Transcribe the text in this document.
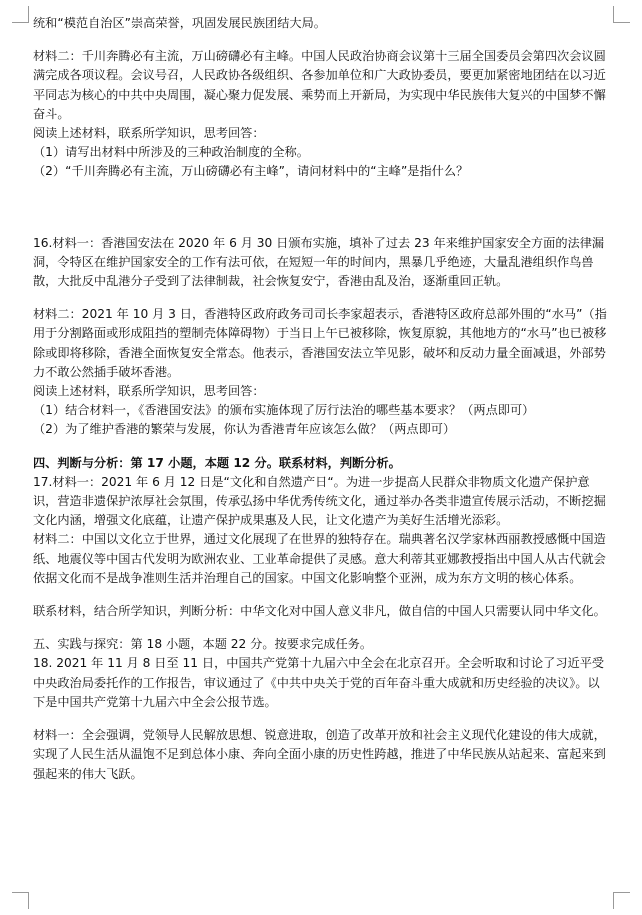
统和“模范自治区”崇高荣誉，巩固发展民族团结大局。

材料二：千川奔腾必有主流，万山磅礴必有主峰。中国人民政治协商会议第十三届全国委员会第四次会议圆满完成各项议程。会议号召，人民政协各级组织、各参加单位和广大政协委员，要更加紧密地团结在以习近平同志为核心的中共中央周围，凝心聚力促发展、乘势而上开新局，为实现中华民族伟大复兴的中国梦不懈奋斗。

阅读上述材料，联系所学知识，思考回答：

（1）请写出材料中所涉及的三种政治制度的全称。

（2）“千川奔腾必有主流，万山磅礴必有主峰”，请问材料中的“主峰”是指什么？

16.材料一：香港国安法在 2020 年 6 月 30 日颁布实施，填补了过去 23 年来维护国家安全方面的法律漏洞，令特区在维护国家安全的工作有法可依，在短短一年的时间内，黑暴几乎绝迹，大量乱港组织作鸟兽散，大批反中乱港分子受到了法律制裁，社会恢复安宁，香港由乱及治，逐渐重回正轨。

材料二：2021 年 10 月 3 日，香港特区政府政务司司长李家超表示，香港特区政府总部外围的“水马”（指用于分割路面或形成阻挡的塑制壳体障碍物）于当日上午已被移除，恢复原貌，其他地方的“水马”也已被移除或即将移除，香港全面恢复安全常态。他表示，香港国安法立竿见影，破坏和反动力量全面减退，外部势力不敢公然插手破坏香港。

阅读上述材料，联系所学知识，思考回答：

（1）结合材料一，《香港国安法》的颁布实施体现了厉行法治的哪些基本要求？（两点即可）

（2）为了维护香港的繁荣与发展，你认为香港青年应该怎么做？（两点即可）

四、判断与分析：第 17 小题，本题 12 分。联系材料，判断分析。

17.材料一：2021 年 6 月 12 日是“文化和自然遗产日“。为进一步提高人民群众非物质文化遗产保护意识，营造非遗保护浓厚社会氛围，传承弘扬中华优秀传统文化，通过举办各类非遗宣传展示活动，不断挖掘文化内涵，增强文化底蕴，让遗产保护成果惠及人民，让文化遗产为美好生活增光添彩。

材料二：中国以文化立于世界，通过文化展现了在世界的独特存在。瑞典著名汉学家林西丽教授感慨中国造纸、地震仪等中国古代发明为欧洲农业、工业革命提供了灵感。意大利蒂其亚娜教授指出中国人从古代就会依据文化而不是战争准则生活并治理自己的国家。中国文化影响整个亚洲，成为东方文明的核心体系。

联系材料，结合所学知识，判断分析：中华文化对中国人意义非凡，做自信的中国人只需要认同中华文化。

五、实践与探究：第 18 小题，本题 22 分。按要求完成任务。

18. 2021 年 11 月 8 日至 11 日，中国共产党第十九届六中全会在北京召开。全会听取和讨论了习近平受中央政治局委托作的工作报告，审议通过了《中共中央关于党的百年奋斗重大成就和历史经验的决议》。以下是中国共产党第十九届六中全会公报节选。

材料一：全会强调，党领导人民解放思想、锐意进取，创造了改革开放和社会主义现代化建设的伟大成就，实现了人民生活从温饱不足到总体小康、奔向全面小康的历史性跨越，推进了中华民族从站起来、富起来到强起来的伟大飞跃。
